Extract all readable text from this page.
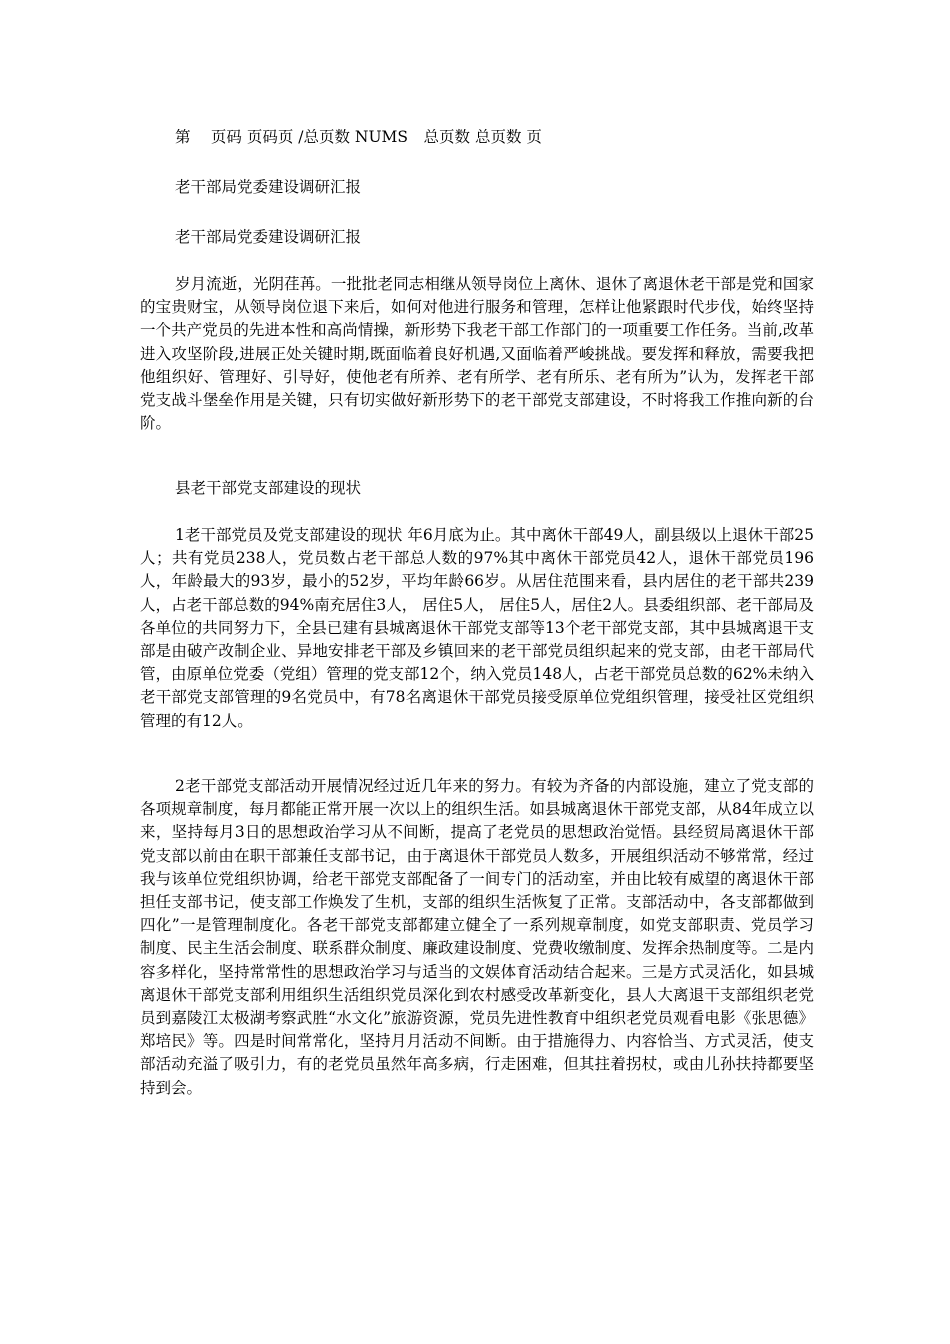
第　 页码 页码页 /总页数 NUMS　总页数 总页数 页
老干部局党委建设调研汇报
老干部局党委建设调研汇报

岁月流逝，光阴荏苒。一批批老同志相继从领导岗位上离休、退休了离退休老干部是党和国家的宝贵财宝，从领导岗位退下来后，如何对他进行服务和管理，怎样让他紧跟时代步伐，始终坚持一个共产党员的先进本性和高尚情操，新形势下我老干部工作部门的一项重要工作任务。当前,改革进入攻坚阶段,进展正处关键时期,既面临着良好机遇,又面临着严峻挑战。要发挥和释放，需要我把他组织好、管理好、引导好，使他老有所养、老有所学、老有所乐、老有所为”认为，发挥老干部党支战斗堡垒作用是关键，只有切实做好新形势下的老干部党支部建设，不时将我工作推向新的台阶。

县老干部党支部建设的现状

1老干部党员及党支部建设的现状 年6月底为止。其中离休干部49人，副县级以上退休干部25人；共有党员238人，党员数占老干部总人数的97%其中离休干部党员42人，退休干部党员196人，年龄最大的93岁，最小的52岁，平均年龄66岁。从居住范围来看，县内居住的老干部共239人，占老干部总数的94%南充居住3人， 居住5人， 居住5人，居住2人。县委组织部、老干部局及各单位的共同努力下，全县已建有县城离退休干部党支部等13个老干部党支部，其中县城离退干支部是由破产改制企业、异地安排老干部及乡镇回来的老干部党员组织起来的党支部，由老干部局代管，由原单位党委（党组）管理的党支部12个，纳入党员148人，占老干部党员总数的62%未纳入老干部党支部管理的9名党员中，有78名离退休干部党员接受原单位党组织管理，接受社区党组织管理的有12人。

2老干部党支部活动开展情况经过近几年来的努力。有较为齐备的内部设施，建立了党支部的各项规章制度，每月都能正常开展一次以上的组织生活。如县城离退休干部党支部，从84年成立以来，坚持每月3日的思想政治学习从不间断，提高了老党员的思想政治觉悟。县经贸局离退休干部党支部以前由在职干部兼任支部书记，由于离退休干部党员人数多，开展组织活动不够常常，经过我与该单位党组织协调，给老干部党支部配备了一间专门的活动室，并由比较有威望的离退休干部担任支部书记，使支部工作焕发了生机，支部的组织生活恢复了正常。支部活动中，各支部都做到四化”一是管理制度化。各老干部党支部都建立健全了一系列规章制度，如党支部职责、党员学习制度、民主生活会制度、联系群众制度、廉政建设制度、党费收缴制度、发挥余热制度等。二是内容多样化，坚持常常性的思想政治学习与适当的文娱体育活动结合起来。三是方式灵活化，如县城离退休干部党支部利用组织生活组织党员深化到农村感受改革新变化，县人大离退干支部组织老党员到嘉陵江太极湖考察武胜“水文化”旅游资源，党员先进性教育中组织老党员观看电影《张思德》郑培民》等。四是时间常常化，坚持月月活动不间断。由于措施得力、内容恰当、方式灵活，使支部活动充溢了吸引力，有的老党员虽然年高多病，行走困难，但其拄着拐杖，或由儿孙扶持都要坚持到会。
